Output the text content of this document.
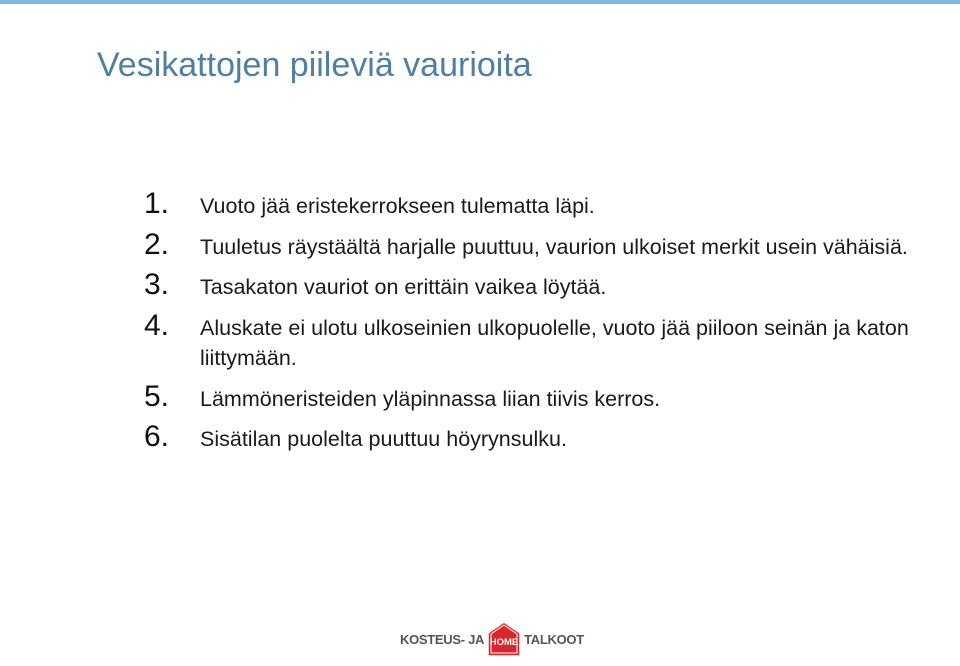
Vesikattojen piileviä vaurioita
1.	Vuoto jää eristekerrokseen tulematta läpi.
2.	Tuuletus räystäältä harjalle puuttuu, vaurion ulkoiset merkit usein vähäisiä.
3.	Tasakaton vauriot on erittäin vaikea löytää.
4.	Aluskate ei ulotu ulkoseinien ulkopuolelle, vuoto jää piiloon seinän ja katon liittymään.
5.	Lämmöneristeiden yläpinnassa liian tiivis kerros.
6.	Sisätilan puolelta puuttuu höyrynsulku.
KOSTEUS- JA HOME TALKOOT
